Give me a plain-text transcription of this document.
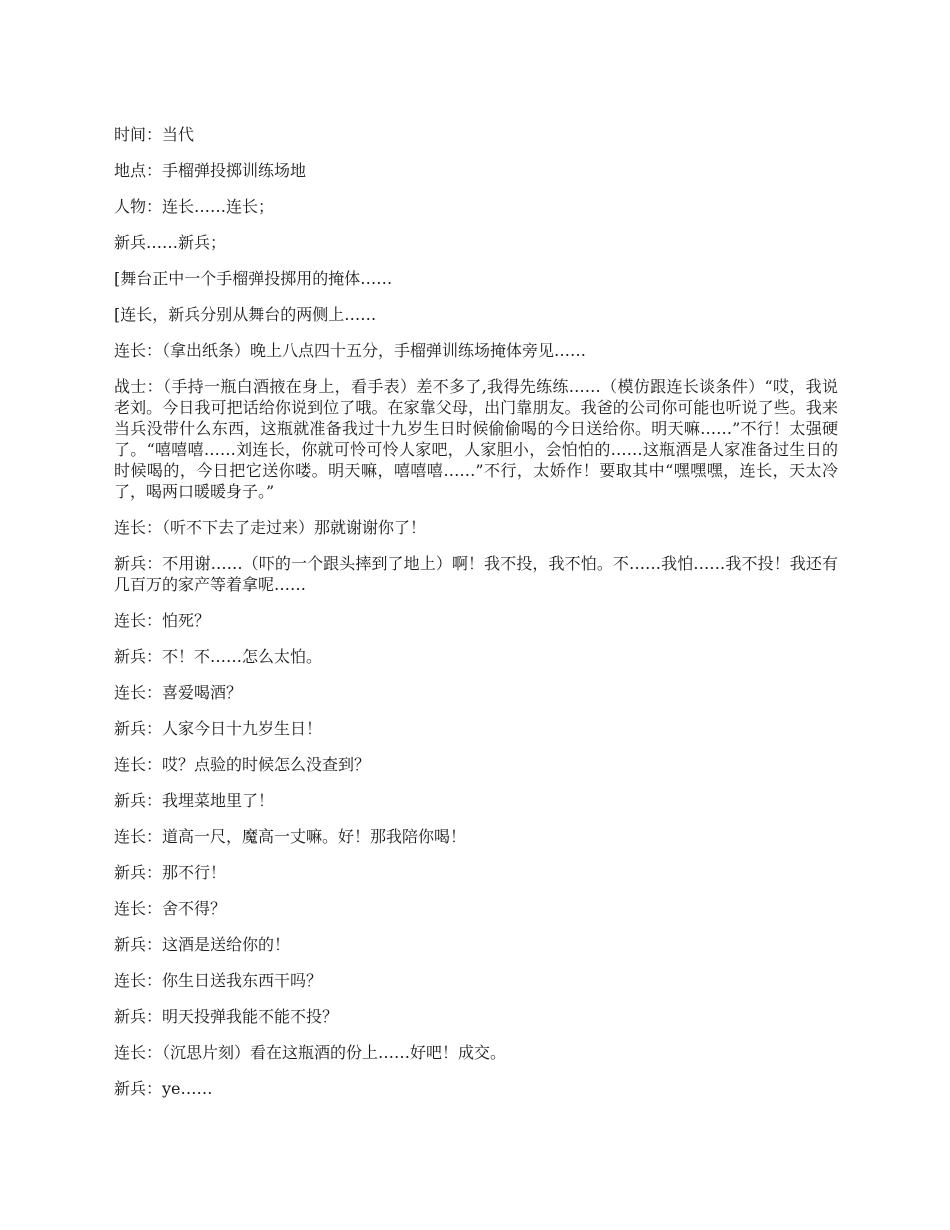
时间：当代

地点：手榴弹投掷训练场地

人物：连长……连长；

新兵……新兵；

[舞台正中一个手榴弹投掷用的掩体……

[连长，新兵分别从舞台的两侧上……

连长：（拿出纸条）晚上八点四十五分，手榴弹训练场掩体旁见……

战士：（手持一瓶白酒掖在身上，看手表）差不多了,我得先练练……（模仿跟连长谈条件）“哎，我说老刘。今日我可把话给你说到位了哦。在家靠父母，出门靠朋友。我爸的公司你可能也听说了些。我来当兵没带什么东西，这瓶就准备我过十九岁生日时候偷偷喝的今日送给你。明天嘛……”不行！太强硬了。“嘻嘻嘻……刘连长，你就可怜可怜人家吧，人家胆小，会怕怕的……这瓶酒是人家准备过生日的时候喝的，今日把它送你喽。明天嘛，嘻嘻嘻……”不行，太娇作！要取其中“嘿嘿嘿，连长，天太冷了，喝两口暖暖身子。”

连长：（听不下去了走过来）那就谢谢你了！

新兵：不用谢……（吓的一个跟头摔到了地上）啊！我不投，我不怕。不……我怕……我不投！我还有几百万的家产等着拿呢……

连长：怕死？

新兵：不！不……怎么太怕。

连长：喜爱喝酒？

新兵：人家今日十九岁生日！

连长：哎？点验的时候怎么没查到？

新兵：我埋菜地里了！

连长：道高一尺，魔高一丈嘛。好！那我陪你喝！

新兵：那不行！

连长：舍不得？

新兵：这酒是送给你的！

连长：你生日送我东西干吗？

新兵：明天投弹我能不能不投？

连长：（沉思片刻）看在这瓶酒的份上……好吧！成交。

新兵：ye……
